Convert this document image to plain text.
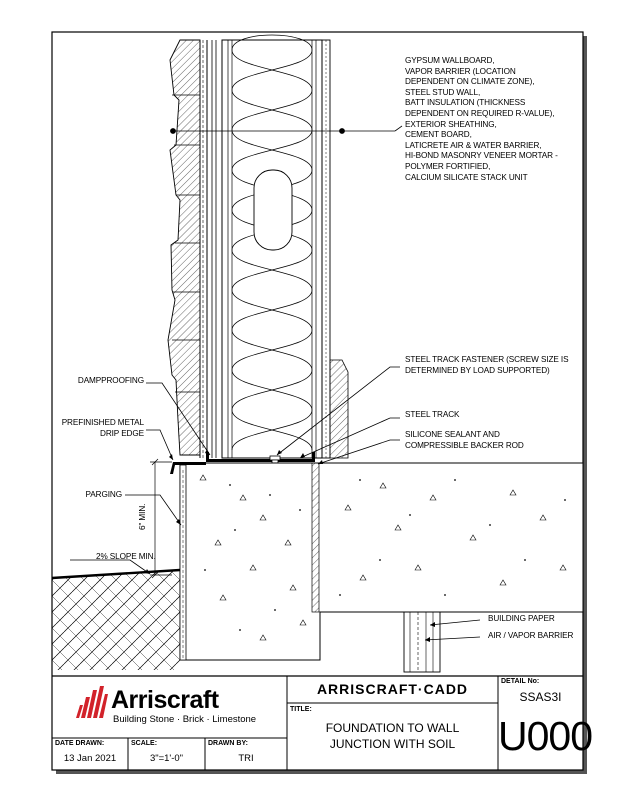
GYPSUM WALLBOARD,
VAPOR BARRIER (LOCATION
DEPENDENT ON CLIMATE ZONE),
STEEL STUD WALL,
BATT INSULATION (THICKNESS
DEPENDENT ON REQUIRED R-VALUE),
EXTERIOR SHEATHING,
CEMENT BOARD,
LATICRETE AIR & WATER BARRIER,
HI-BOND MASONRY VENEER MORTAR -
POLYMER FORTIFIED,
CALCIUM SILICATE STACK UNIT
STEEL TRACK FASTENER (SCREW SIZE IS
DETERMINED BY LOAD SUPPORTED)
STEEL TRACK
SILICONE SEALANT AND
COMPRESSIBLE BACKER ROD
DAMPPROOFING
PREFINISHED METAL
DRIP EDGE
PARGING
6" MIN.
2% SLOPE MIN.
BUILDING PAPER
AIR / VAPOR BARRIER
Arriscraft
Building Stone · Brick · Limestone
ARRISCRAFT·CADD
TITLE:
FOUNDATION TO WALL
JUNCTION WITH SOIL
DETAIL No:
SSAS3I
U000
DATE DRAWN:
13 Jan 2021
SCALE:
3"=1'-0"
DRAWN BY:
TRI
